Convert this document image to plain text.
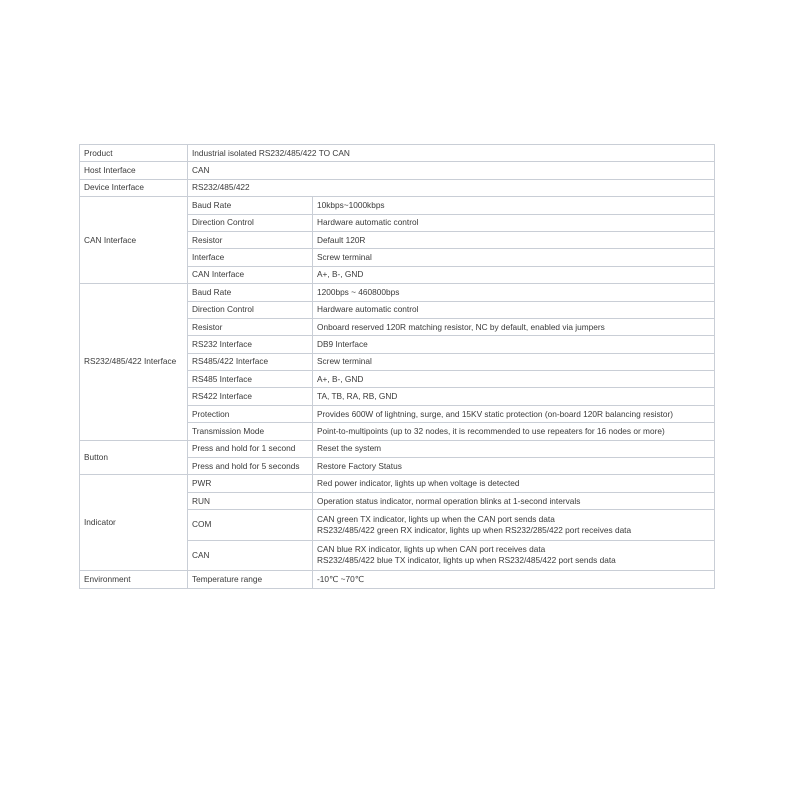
Product	Industrial isolated RS232/485/422 TO CAN	
Host Interface	CAN	
Device Interface	RS232/485/422	
CAN Interface	Baud Rate	10kbps~1000kbps
	Direction Control	Hardware automatic control
	Resistor	Default 120R
	Interface	Screw terminal
	CAN Interface	A+, B-, GND
RS232/485/422 Interface	Baud Rate	1200bps ~ 460800bps
	Direction Control	Hardware automatic control
	Resistor	Onboard reserved 120R matching resistor, NC by default, enabled via jumpers
	RS232 Interface	DB9 Interface
	RS485/422 Interface	Screw terminal
	RS485 Interface	A+, B-, GND
	RS422 Interface	TA, TB, RA, RB, GND
	Protection	Provides 600W of lightning, surge, and 15KV static protection (on-board 120R balancing resistor)
	Transmission Mode	Point-to-multipoints (up to 32 nodes, it is recommended to use repeaters for 16 nodes or more)
Button	Press and hold for 1 second	Reset the system
	Press and hold for 5 seconds	Restore Factory Status
Indicator	PWR	Red power indicator, lights up when voltage is detected
	RUN	Operation status indicator, normal operation blinks at 1-second intervals
	COM	CAN green TX indicator, lights up when the CAN port sends data
RS232/485/422 green RX indicator, lights up when RS232/285/422 port receives data

	CAN	CAN blue RX indicator, lights up when CAN port receives data
RS232/485/422 blue TX indicator, lights up when RS232/485/422 port sends data

Environment	Temperature range	-10℃ ~70℃
